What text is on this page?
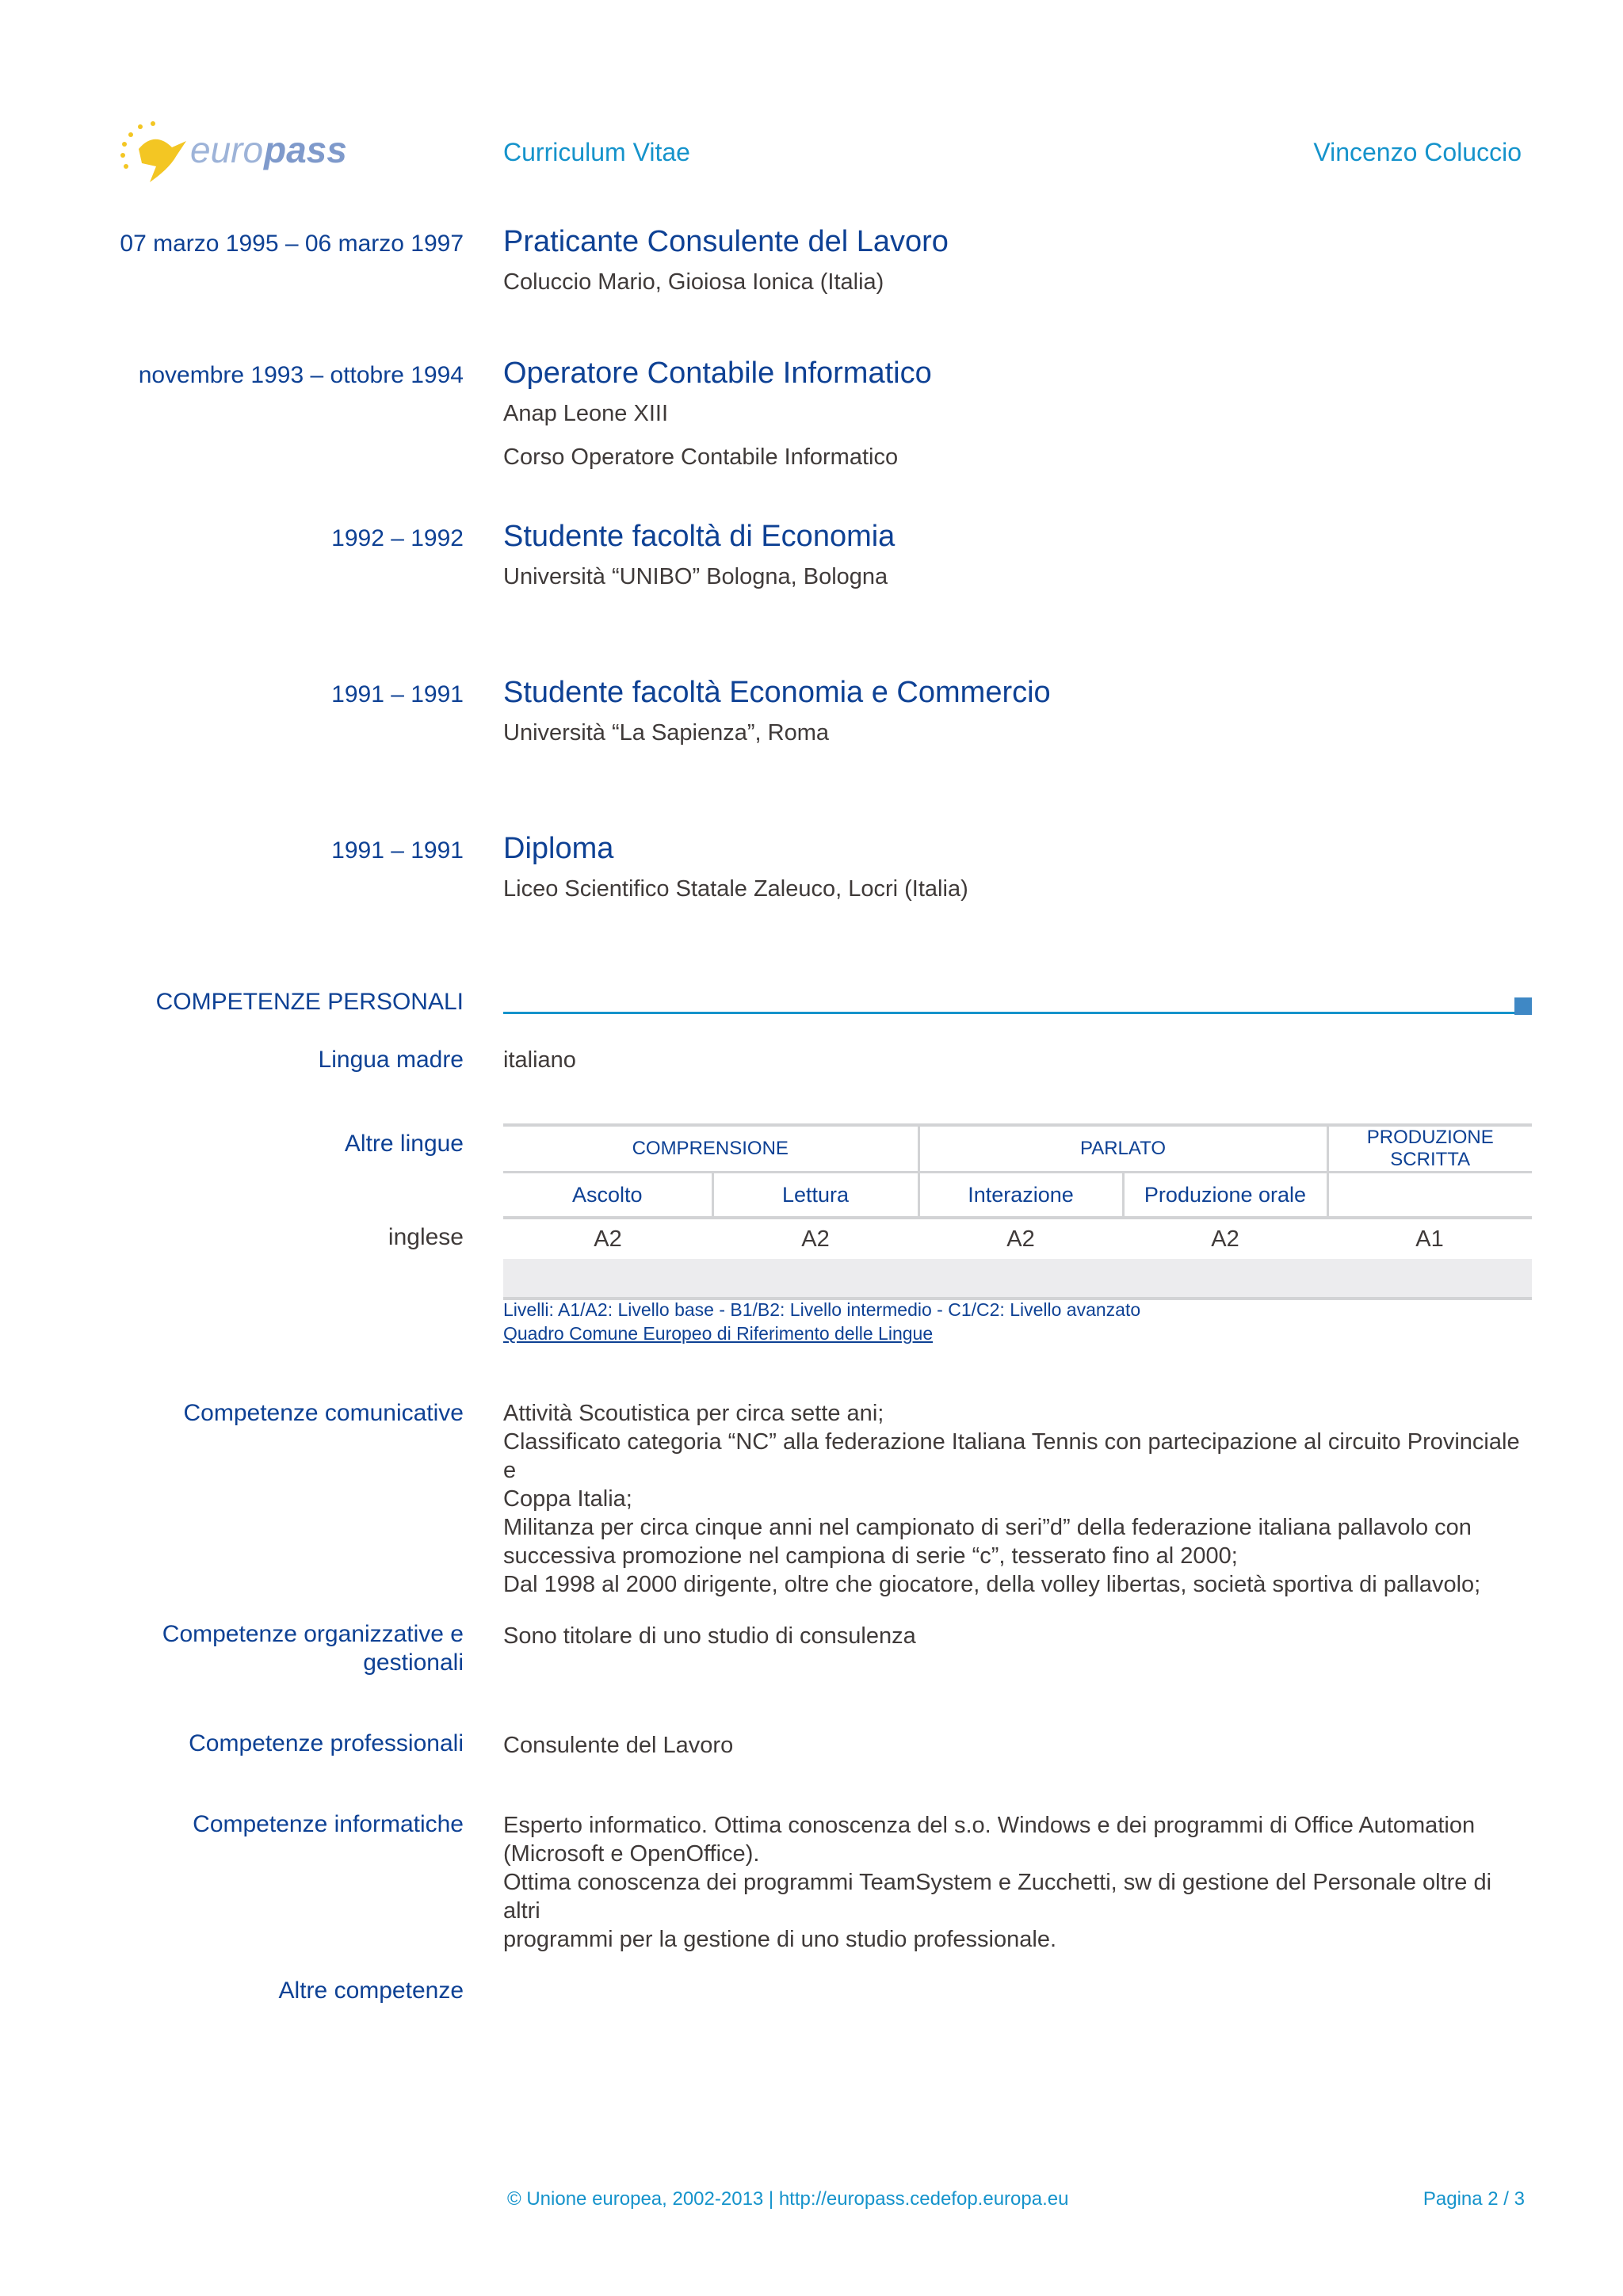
euro pass	Curriculum Vitae	Vincenzo Coluccio
07 marzo 1995 – 06 marzo 1997 Praticante Consulente del Lavoro
Coluccio Mario, Gioiosa Ionica (Italia)
novembre 1993 – ottobre 1994 Operatore Contabile Informatico
Anap Leone XIII
Corso Operatore Contabile Informatico
1992 – 1992 Studente facoltà di Economia
Università “UNIBO” Bologna, Bologna
1991 – 1991 Studente facoltà Economia e Commercio
Università “La Sapienza”, Roma
1991 – 1991 Diploma
Liceo Scientifico Statale Zaleuco, Locri (Italia)
COMPETENZE PERSONALI
Lingua madre italiano
Altre lingue
inglese
COMPRENSIONE		PARLATO		PRODUZIONE SCRITTA
Ascolto	Lettura	Interazione	Produzione orale	
A2	A2	A2	A2	A1

Livelli: A1/A2: Livello base - B1/B2: Livello intermedio - C1/C2: Livello avanzato
Quadro Comune Europeo di Riferimento delle Lingue
Competenze comunicative Attività Scoutistica per circa sette ani;
Classificato categoria “NC” alla federazione Italiana Tennis con partecipazione al circuito Provinciale e
Coppa Italia;
Militanza per circa cinque anni nel campionato di seri”d” della federazione italiana pallavolo con
successiva promozione nel campiona di serie “c”, tesserato fino al 2000;
Dal 1998 al 2000 dirigente, oltre che giocatore, della volley libertas, società sportiva di pallavolo;
Competenze organizzative e
gestionali
Sono titolare di uno studio di consulenza
Competenze professionali Consulente del Lavoro
Competenze informatiche Esperto informatico. Ottima conoscenza del s.o. Windows e dei programmi di Office Automation
(Microsoft e OpenOffice).
Ottima conoscenza dei programmi TeamSystem e Zucchetti, sw di gestione del Personale oltre di altri
programmi per la gestione di uno studio professionale.
Altre competenze
© Unione europea, 2002-2013 | http://europass.cedefop.europa.eu	Pagina 2 / 3
